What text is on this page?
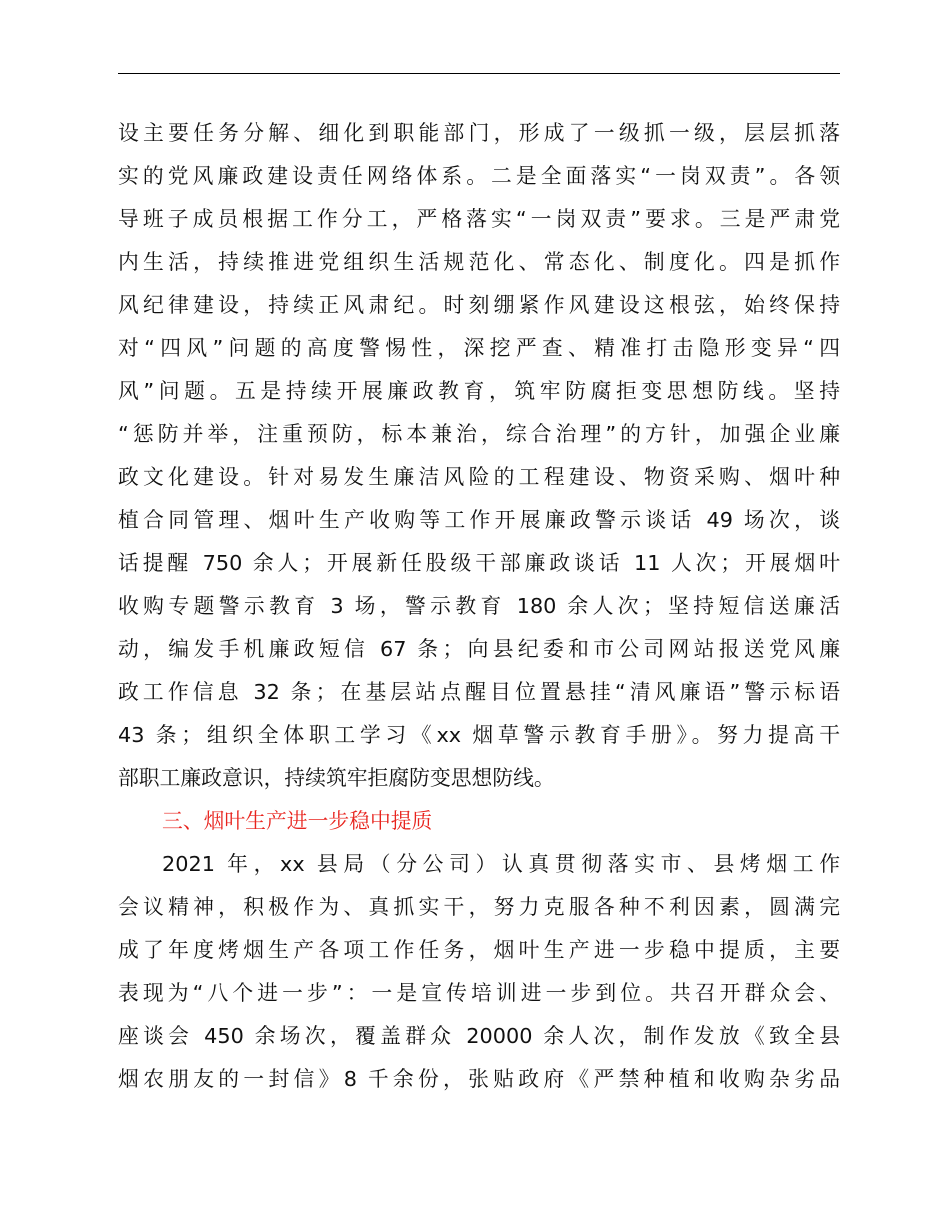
设主要任务分解、细化到职能部门，形成了一级抓一级，层层抓落
实的党风廉政建设责任网络体系。二是全面落实“一岗双责”。各领
导班子成员根据工作分工，严格落实“一岗双责”要求。三是严肃党
内生活，持续推进党组织生活规范化、常态化、制度化。四是抓作
风纪律建设，持续正风肃纪。时刻绷紧作风建设这根弦，始终保持
对“四风”问题的高度警惕性，深挖严查、精准打击隐形变异“四
风”问题。五是持续开展廉政教育，筑牢防腐拒变思想防线。坚持
“惩防并举，注重预防，标本兼治，综合治理”的方针，加强企业廉
政文化建设。针对易发生廉洁风险的工程建设、物资采购、烟叶种
植合同管理、烟叶生产收购等工作开展廉政警示谈话 49 场次，谈
话提醒 750 余人；开展新任股级干部廉政谈话 11 人次；开展烟叶
收购专题警示教育 3 场，警示教育 180 余人次；坚持短信送廉活
动，编发手机廉政短信 67 条；向县纪委和市公司网站报送党风廉
政工作信息 32 条；在基层站点醒目位置悬挂“清风廉语”警示标语
43 条；组织全体职工学习《xx 烟草警示教育手册》。努力提高干
部职工廉政意识，持续筑牢拒腐防变思想防线。
三、烟叶生产进一步稳中提质
2021 年，xx 县局（分公司）认真贯彻落实市、县烤烟工作
会议精神，积极作为、真抓实干，努力克服各种不利因素，圆满完
成了年度烤烟生产各项工作任务，烟叶生产进一步稳中提质，主要
表现为“八个进一步”：一是宣传培训进一步到位。共召开群众会、
座谈会 450 余场次，覆盖群众 20000 余人次，制作发放《致全县
烟农朋友的一封信》8 千余份，张贴政府《严禁种植和收购杂劣品
